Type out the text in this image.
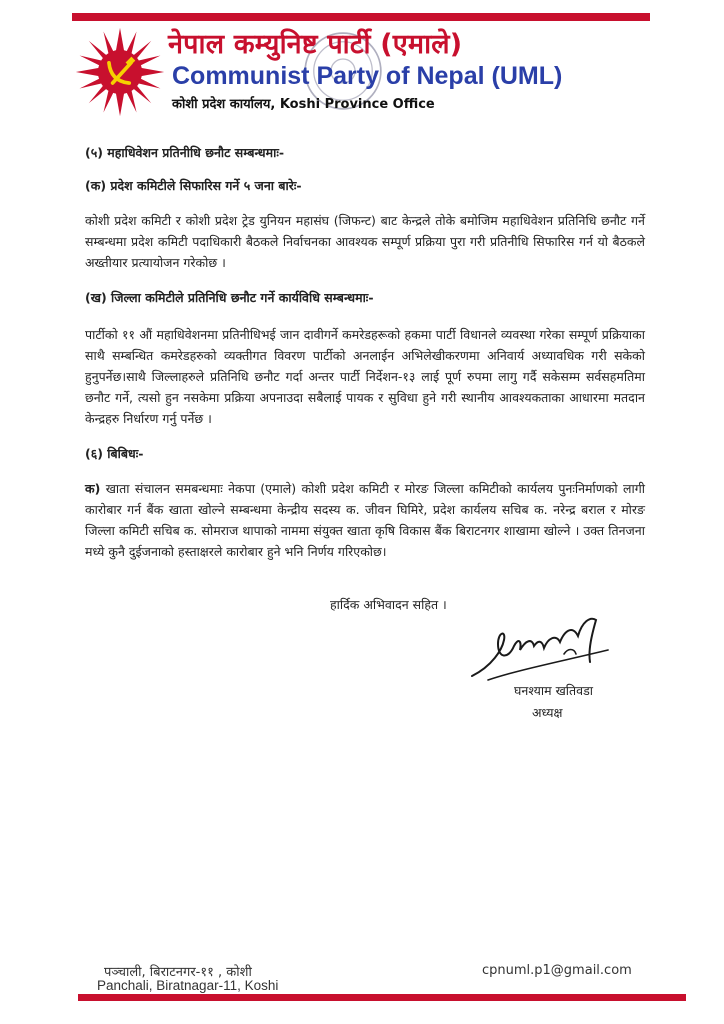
नेपाल कम्युनिष्ट पार्टी (एमाले)
Communist Party of Nepal (UML)
कोशी प्रदेश कार्यालय, Koshi Province Office

(५) महाधिवेशन प्रतिनीधि छनौट सम्बन्धमाः-

(क) प्रदेश कमिटीले सिफारिस गर्ने ५ जना बारेः-

कोशी प्रदेश कमिटी र कोशी प्रदेश ट्रेड युनियन महासंघ (जिफन्ट) बाट केन्द्रले तोके बमोजिम महाधिवेशन प्रतिनिधि छनौट गर्ने सम्बन्धमा प्रदेश कमिटी पदाधिकारी बैठकले निर्वाचनका आवश्यक सम्पूर्ण प्रक्रिया पुरा गरी प्रतिनीधि सिफारिस गर्न यो बैठकले अख्तीयार प्रत्यायोजन गरेकोछ ।

(ख) जिल्ला कमिटीले प्रतिनिधि छनौट गर्ने कार्यविधि सम्बन्धमाः-

पार्टीको ११ औं महाधिवेशनमा प्रतिनीधिभई जान दावीगर्ने कमरेडहरूको हकमा पार्टी विधानले व्यवस्था गरेका सम्पूर्ण प्रक्रियाका साथै सम्बन्धित कमरेडहरुको व्यक्तीगत विवरण पार्टीको अनलाईन अभिलेखीकरणमा अनिवार्य अध्यावधिक गरी सकेको हुनुपर्नेछ।साथै जिल्लाहरुले प्रतिनिधि छनौट गर्दा अन्तर पार्टी निर्देशन-१३ लाई पूर्ण रुपमा लागु गर्दै सकेसम्म सर्वसहमतिमा छनौट गर्ने, त्यसो हुन नसकेमा प्रक्रिया अपनाउदा सबैलाई पायक र सुविधा हुने गरी स्थानीय आवश्यकताका आधारमा मतदान केन्द्रहरु निर्धारण गर्नु पर्नेछ ।

(६) बिबिधः-

क) खाता संचालन समबन्धमाः नेकपा (एमाले) कोशी प्रदेश कमिटी र मोरङ जिल्ला कमिटीको कार्यलय पुनःनिर्माणको लागी कारोबार गर्न बैंक खाता खोल्ने सम्बन्धमा केन्द्रीय सदस्य क. जीवन घिमिरे, प्रदेश कार्यलय सचिब क. नरेन्द्र बराल र मोरङ जिल्ला कमिटी सचिब क. सोमराज थापाको नाममा संयुक्त खाता कृषि विकास बैंक बिराटनगर शाखामा खोल्ने । उक्त तिनजना मध्ये कुनै दुईजनाको हस्ताक्षरले कारोबार हुने भनि निर्णय गरिएकोछ।

हार्दिक अभिवादन सहित ।
घनश्याम खतिवडा
अध्यक्ष
पञ्चाली, बिराटनगर-११ , कोशी
Panchali, Biratnagar-11, Koshi
cpnuml.p1@gmail.com
